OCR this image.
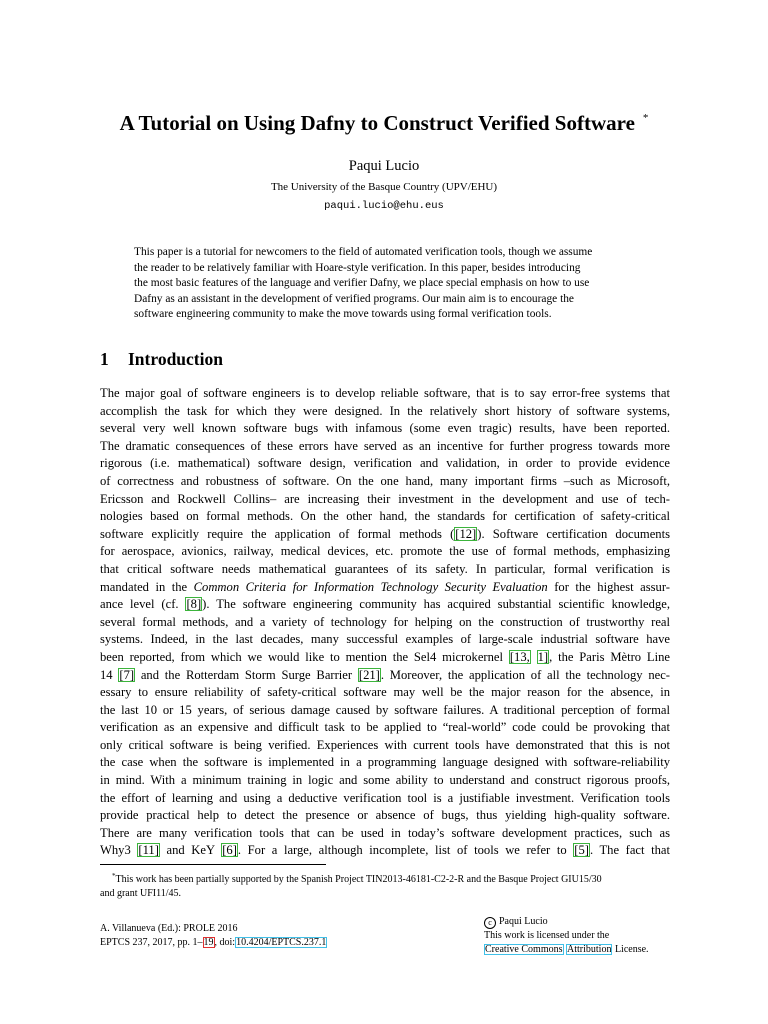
A Tutorial on Using Dafny to Construct Verified Software *
Paqui Lucio
The University of the Basque Country (UPV/EHU)
paqui.lucio@ehu.eus
This paper is a tutorial for newcomers to the field of automated verification tools, though we assume
the reader to be relatively familiar with Hoare-style verification. In this paper, besides introducing
the most basic features of the language and verifier Dafny, we place special emphasis on how to use
Dafny as an assistant in the development of verified programs. Our main aim is to encourage the
software engineering community to make the move towards using formal verification tools.
1 Introduction
The major goal of software engineers is to develop reliable software, that is to say error-free systems that
accomplish the task for which they were designed. In the relatively short history of software systems,
several very well known software bugs with infamous (some even tragic) results, have been reported.
The dramatic consequences of these errors have served as an incentive for further progress towards more
rigorous (i.e. mathematical) software design, verification and validation, in order to provide evidence
of correctness and robustness of software. On the one hand, many important firms –such as Microsoft,
Ericsson and Rockwell Collins– are increasing their investment in the development and use of tech-
nologies based on formal methods. On the other hand, the standards for certification of safety-critical
software explicitly require the application of formal methods ([12]). Software certification documents
for aerospace, avionics, railway, medical devices, etc. promote the use of formal methods, emphasizing
that critical software needs mathematical guarantees of its safety. In particular, formal verification is
mandated in the Common Criteria for Information Technology Security Evaluation for the highest assur-
ance level (cf. [8]). The software engineering community has acquired substantial scientific knowledge,
several formal methods, and a variety of technology for helping on the construction of trustworthy real
systems. Indeed, in the last decades, many successful examples of large-scale industrial software have
been reported, from which we would like to mention the Sel4 microkernel [13, 1], the Paris Mètro Line
14 [7] and the Rotterdam Storm Surge Barrier [21]. Moreover, the application of all the technology nec-
essary to ensure reliability of safety-critical software may well be the major reason for the absence, in
the last 10 or 15 years, of serious damage caused by software failures. A traditional perception of formal
verification as an expensive and difficult task to be applied to “real-world” code could be provoking that
only critical software is being verified. Experiences with current tools have demonstrated that this is not
the case when the software is implemented in a programming language designed with software-reliability
in mind. With a minimum training in logic and some ability to understand and construct rigorous proofs,
the effort of learning and using a deductive verification tool is a justifiable investment. Verification tools
provide practical help to detect the presence or absence of bugs, thus yielding high-quality software.
There are many verification tools that can be used in today’s software development practices, such as
Why3 [11] and KeY [6]. For a large, although incomplete, list of tools we refer to [5]. The fact that
*This work has been partially supported by the Spanish Project TIN2013-46181-C2-2-R and the Basque Project GIU15/30
and grant UFI11/45.
A. Villanueva (Ed.): PROLE 2016
EPTCS 237, 2017, pp. 1–19, doi:10.4204/EPTCS.237.1
c Paqui Lucio
This work is licensed under the
Creative Commons Attribution License.
